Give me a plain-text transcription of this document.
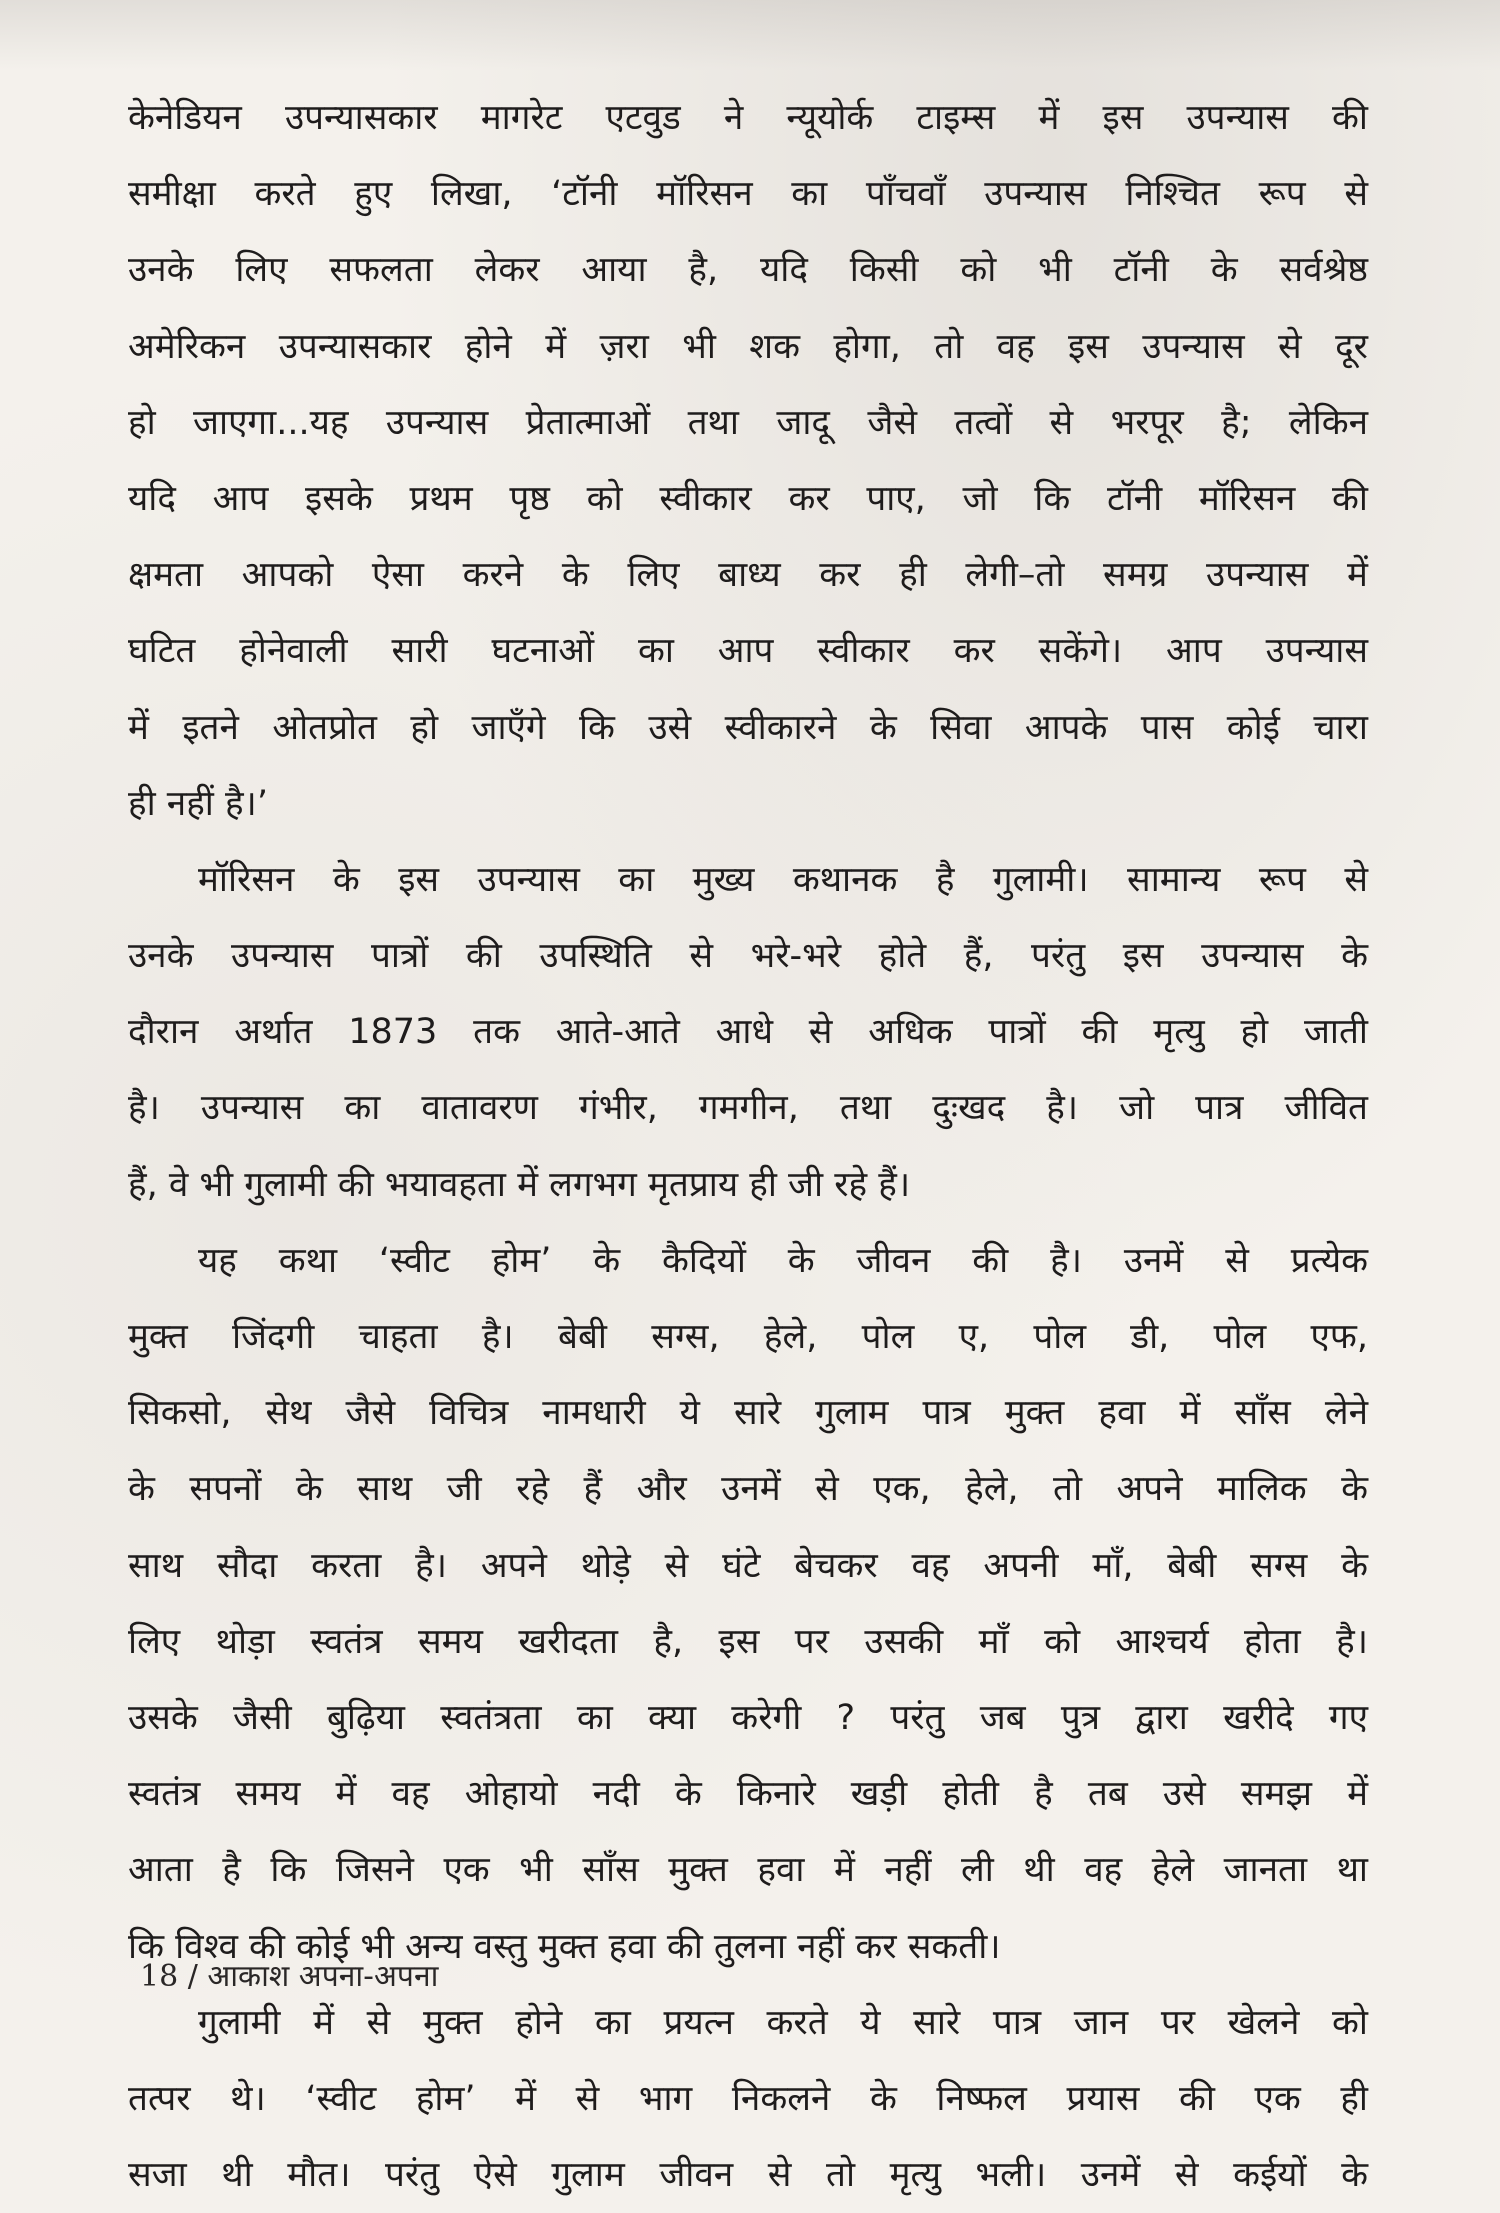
केनेडियन उपन्यासकार मागरेट एटवुड ने न्यूयोर्क टाइम्स में इस उपन्यास की
समीक्षा करते हुए लिखा, ‘टॉनी मॉरिसन का पाँचवाँ उपन्यास निश्चित रूप से
उनके लिए सफलता लेकर आया है, यदि किसी को भी टॉनी के सर्वश्रेष्ठ
अमेरिकन उपन्यासकार होने में ज़रा भी शक होगा, तो वह इस उपन्यास से दूर
हो जाएगा...यह उपन्यास प्रेतात्माओं तथा जादू जैसे तत्वों से भरपूर है; लेकिन
यदि आप इसके प्रथम पृष्ठ को स्वीकार कर पाए, जो कि टॉनी मॉरिसन की
क्षमता आपको ऐसा करने के लिए बाध्य कर ही लेगी–तो समग्र उपन्यास में
घटित होनेवाली सारी घटनाओं का आप स्वीकार कर सकेंगे। आप उपन्यास
में इतने ओतप्रोत हो जाएँगे कि उसे स्वीकारने के सिवा आपके पास कोई चारा
ही नहीं है।’
मॉरिसन के इस उपन्यास का मुख्य कथानक है गुलामी। सामान्य रूप से
उनके उपन्यास पात्रों की उपस्थिति से भरे-भरे होते हैं, परंतु इस उपन्यास के
दौरान अर्थात 1873 तक आते-आते आधे से अधिक पात्रों की मृत्यु हो जाती
है। उपन्यास का वातावरण गंभीर, गमगीन, तथा दुःखद है। जो पात्र जीवित
हैं, वे भी गुलामी की भयावहता में लगभग मृतप्राय ही जी रहे हैं।
यह कथा ‘स्वीट होम’ के कैदियों के जीवन की है। उनमें से प्रत्येक
मुक्त जिंदगी चाहता है। बेबी सग्स, हेले, पोल ए, पोल डी, पोल एफ,
सिकसो, सेथ जैसे विचित्र नामधारी ये सारे गुलाम पात्र मुक्त हवा में साँस लेने
के सपनों के साथ जी रहे हैं और उनमें से एक, हेले, तो अपने मालिक के
साथ सौदा करता है। अपने थोड़े से घंटे बेचकर वह अपनी माँ, बेबी सग्स के
लिए थोड़ा स्वतंत्र समय खरीदता है, इस पर उसकी माँ को आश्चर्य होता है।
उसके जैसी बुढ़िया स्वतंत्रता का क्या करेगी ? परंतु जब पुत्र द्वारा खरीदे गए
स्वतंत्र समय में वह ओहायो नदी के किनारे खड़ी होती है तब उसे समझ में
आता है कि जिसने एक भी साँस मुक्त हवा में नहीं ली थी वह हेले जानता था
कि विश्व की कोई भी अन्य वस्तु मुक्त हवा की तुलना नहीं कर सकती।
गुलामी में से मुक्त होने का प्रयत्न करते ये सारे पात्र जान पर खेलने को
तत्पर थे। ‘स्वीट होम’ में से भाग निकलने के निष्फल प्रयास की एक ही
सजा थी मौत। परंतु ऐसे गुलाम जीवन से तो मृत्यु भली। उनमें से कईयों के
18 / आकाश अपना-अपना
